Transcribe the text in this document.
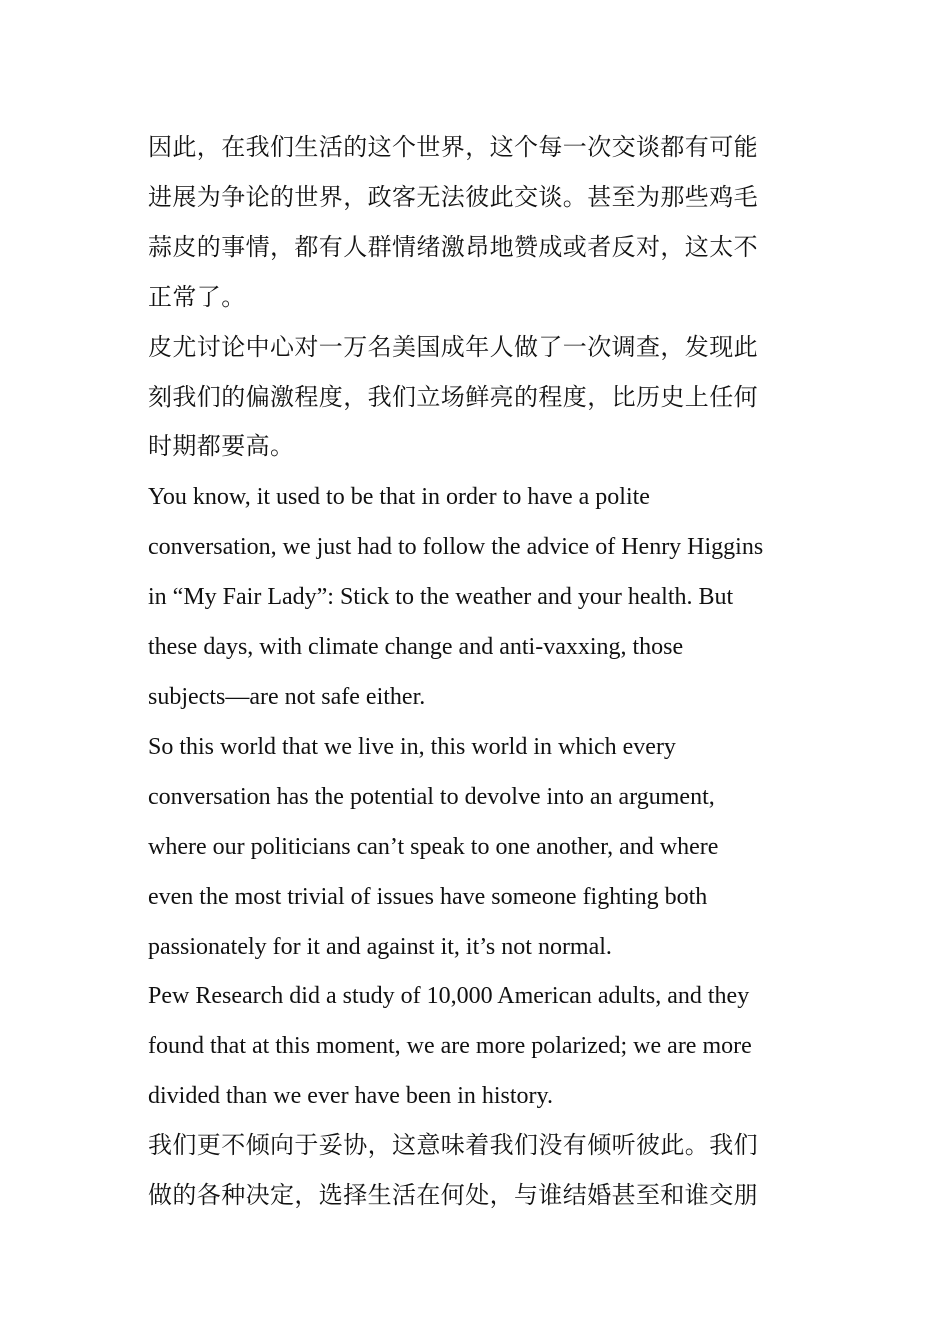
因此，在我们生活的这个世界，这个每一次交谈都有可能
进展为争论的世界，政客无法彼此交谈。甚至为那些鸡毛
蒜皮的事情，都有人群情绪激昂地赞成或者反对，这太不
正常了。
皮尤讨论中心对一万名美国成年人做了一次调查，发现此
刻我们的偏激程度，我们立场鲜亮的程度，比历史上任何
时期都要高。
You know, it used to be that in order to have a polite
conversation, we just had to follow the advice of Henry Higgins
in “My Fair Lady”: Stick to the weather and your health. But
these days, with climate change and anti-vaxxing, those
subjects—are not safe either.
So this world that we live in, this world in which every
conversation has the potential to devolve into an argument,
where our politicians can’t speak to one another, and where
even the most trivial of issues have someone fighting both
passionately for it and against it, it’s not normal.
Pew Research did a study of 10,000 American adults, and they
found that at this moment, we are more polarized; we are more
divided than we ever have been in history.
我们更不倾向于妥协，这意味着我们没有倾听彼此。我们
做的各种决定，选择生活在何处，与谁结婚甚至和谁交朋
